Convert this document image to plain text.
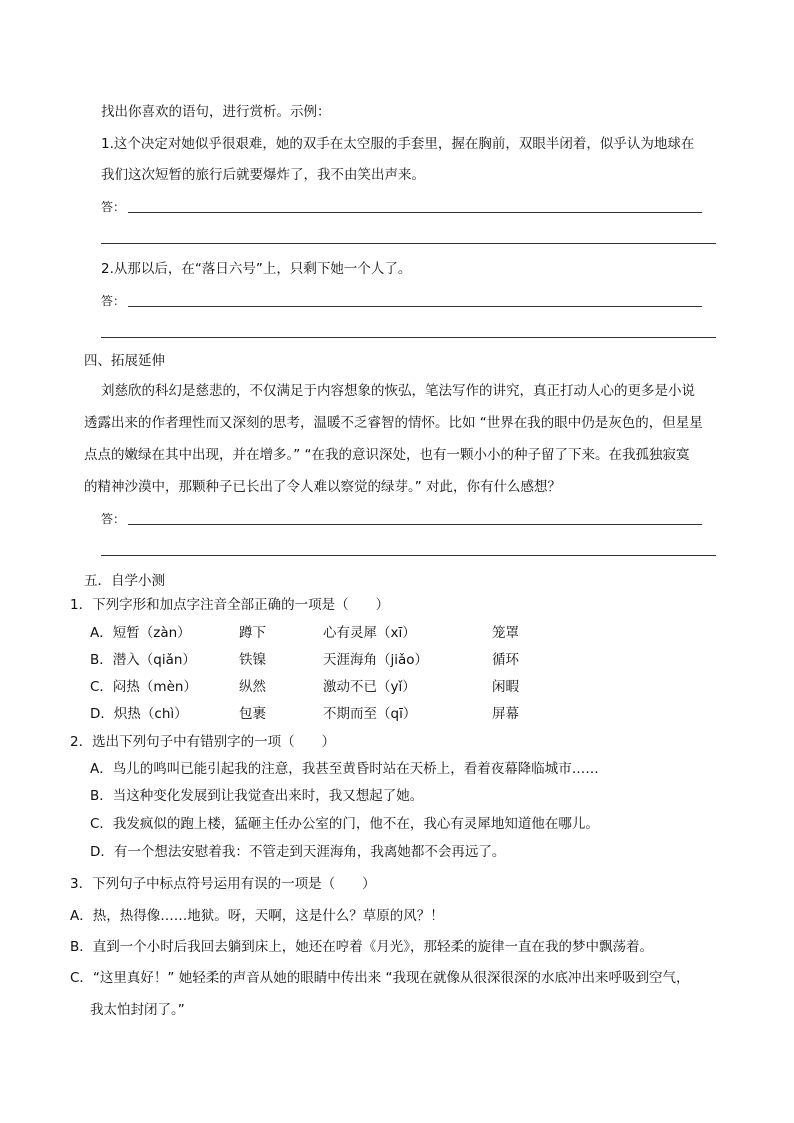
找出你喜欢的语句，进行赏析。示例：
1.这个决定对她似乎很艰难，她的双手在太空服的手套里，握在胸前，双眼半闭着，似乎认为地球在
我们这次短暂的旅行后就要爆炸了，我不由笑出声来。
答：
2.从那以后，在“落日六号”上，只剩下她一个人了。
答：
四、拓展延伸
刘慈欣的科幻是慈悲的，不仅满足于内容想象的恢弘，笔法写作的讲究，真正打动人心的更多是小说
透露出来的作者理性而又深刻的思考，温暖不乏睿智的情怀。比如 “世界在我的眼中仍是灰色的，但星星
点点的嫩绿在其中出现，并在增多。” “在我的意识深处，也有一颗小小的种子留了下来。在我孤独寂寞
的精神沙漠中，那颗种子已长出了令人难以察觉的绿芽。” 对此，你有什么感想？
答：
五．自学小测
1．下列字形和加点字注音全部正确的一项是（　　）
A．短暂（zàn）	蹲下	心有灵犀（xī）	笼罩
B．潜入（qiǎn）	铁镍	天涯海角（jiǎo）	循环
C．闷热（mèn）	纵然	激动不已（yǐ）	闲暇
D．炽热（chì）	包裹	不期而至（qī）	屏幕
2．选出下列句子中有错别字的一项（　　）
A．鸟儿的鸣叫已能引起我的注意，我甚至黄昏时站在天桥上，看着夜幕降临城市……
B．当这种变化发展到让我觉查出来时，我又想起了她。
C．我发疯似的跑上楼，猛砸主任办公室的门，他不在，我心有灵犀地知道他在哪儿。
D．有一个想法安慰着我：不管走到天涯海角，我离她都不会再远了。
3．下列句子中标点符号运用有误的一项是（　　）
A．热，热得像……地狱。呀，天啊，这是什么？草原的风？！
B．直到一个小时后我回去躺到床上，她还在哼着《月光》，那轻柔的旋律一直在我的梦中飘荡着。
C．“这里真好！” 她轻柔的声音从她的眼睛中传出来 “我现在就像从很深很深的水底冲出来呼吸到空气，
我太怕封闭了。”
